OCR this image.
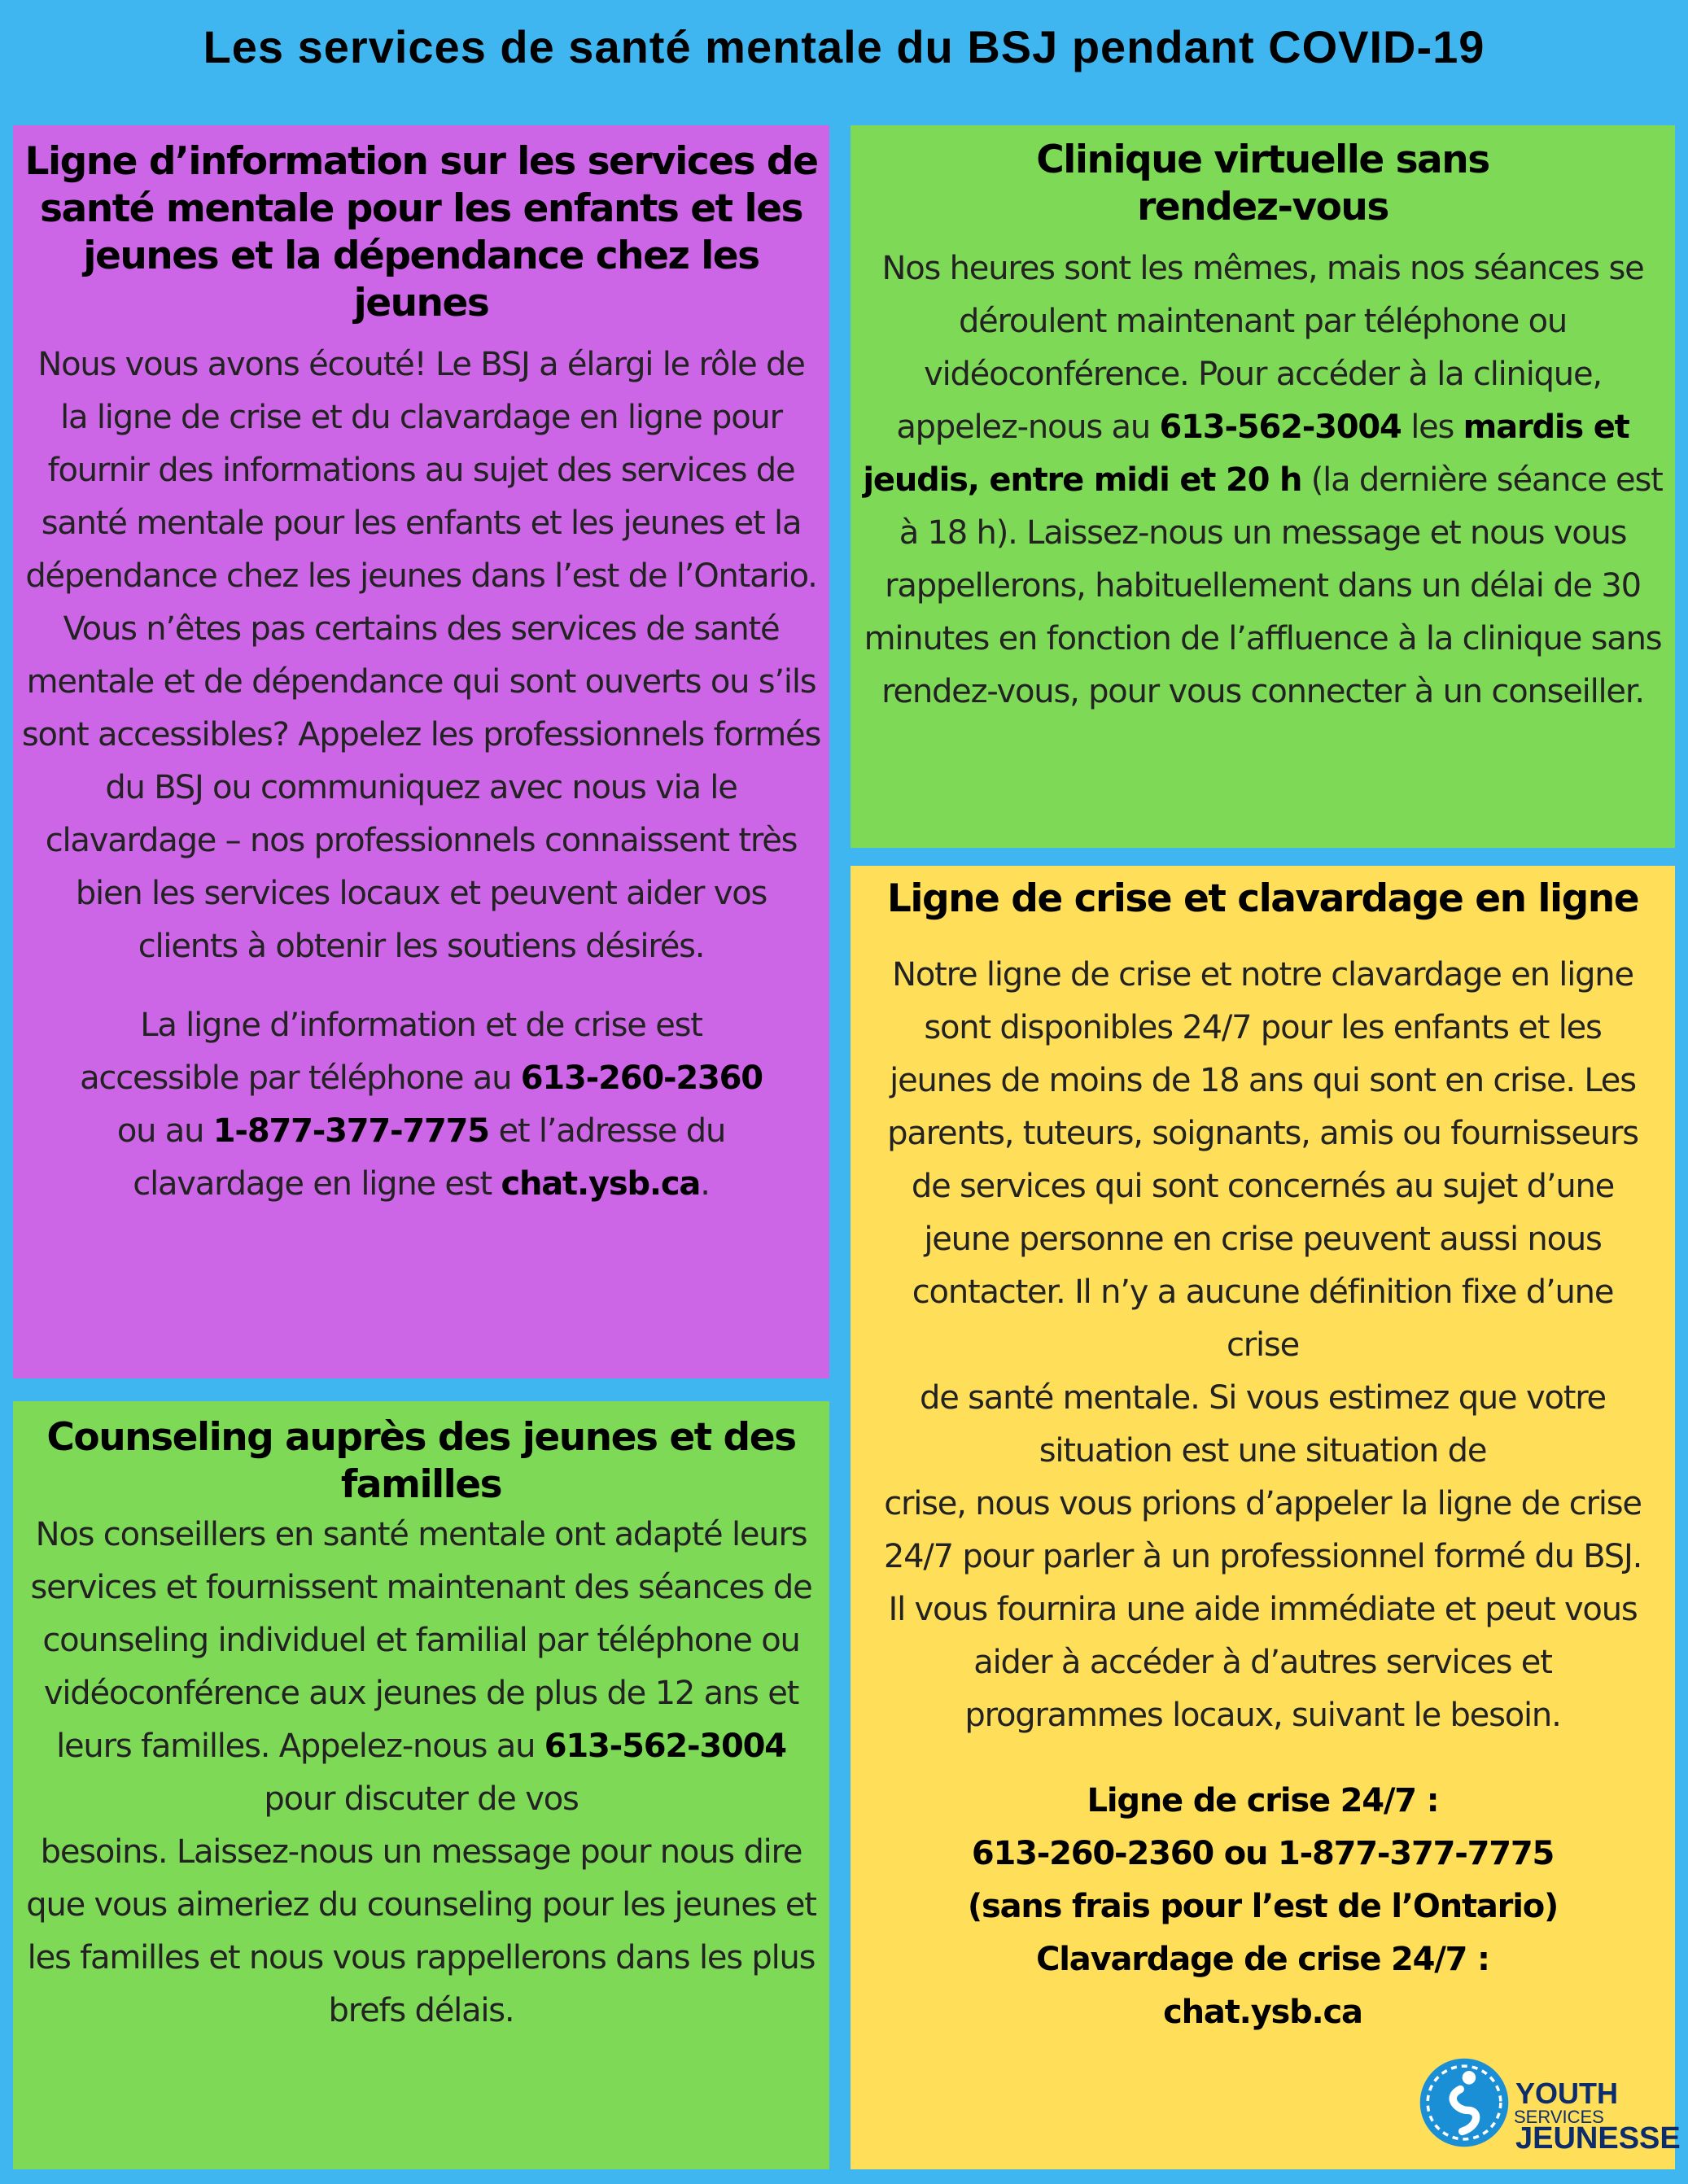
Les services de santé mentale du BSJ pendant COVID-19
Ligne d’information sur les services de santé mentale pour les enfants et les jeunes et la dépendance chez les jeunes

Nous vous avons écouté! Le BSJ a élargi le rôle de la ligne de crise et du clavardage en ligne pour fournir des informations au sujet des services de santé mentale pour les enfants et les jeunes et la dépendance chez les jeunes dans l’est de l’Ontario. Vous n’êtes pas certains des services de santé mentale et de dépendance qui sont ouverts ou s’ils sont accessibles? Appelez les professionnels formés du BSJ ou communiquez avec nous via le clavardage – nos professionnels connaissent très bien les services locaux et peuvent aider vos clients à obtenir les soutiens désirés.

La ligne d’information et de crise est accessible par téléphone au 613-260-2360 ou au 1-877-377-7775 et l’adresse du clavardage en ligne est chat.ysb.ca.

Clinique virtuelle sans rendez-vous

Nos heures sont les mêmes, mais nos séances se déroulent maintenant par téléphone ou vidéoconférence. Pour accéder à la clinique, appelez-nous au 613-562-3004 les mardis et jeudis, entre midi et 20 h (la dernière séance est à 18 h). Laissez-nous un message et nous vous rappellerons, habituellement dans un délai de 30 minutes en fonction de l’affluence à la clinique sans rendez-vous, pour vous connecter à un conseiller.

Counseling auprès des jeunes et des familles

Nos conseillers en santé mentale ont adapté leurs services et fournissent maintenant des séances de counseling individuel et familial par téléphone ou vidéoconférence aux jeunes de plus de 12 ans et leurs familles. Appelez-nous au 613-562-3004 pour discuter de vos

besoins. Laissez-nous un message pour nous dire que vous aimeriez du counseling pour les jeunes et les familles et nous vous rappellerons dans les plus brefs délais.

Ligne de crise et clavardage en ligne

Notre ligne de crise et notre clavardage en ligne sont disponibles 24/7 pour les enfants et les jeunes de moins de 18 ans qui sont en crise. Les parents, tuteurs, soignants, amis ou fournisseurs de services qui sont concernés au sujet d’une jeune personne en crise peuvent aussi nous contacter. Il n’y a aucune définition fixe d’une crise

de santé mentale. Si vous estimez que votre situation est une situation de

crise, nous vous prions d’appeler la ligne de crise 24/7 pour parler à un professionnel formé du BSJ. Il vous fournira une aide immédiate et peut vous aider à accéder à d’autres services et programmes locaux, suivant le besoin.

Ligne de crise 24/7 :
613-260-2360 ou 1-877-377-7775
(sans frais pour l’est de l’Ontario)
Clavardage de crise 24/7 :
chat.ysb.ca

YOUTH

SERVICES

JEUNESSE
